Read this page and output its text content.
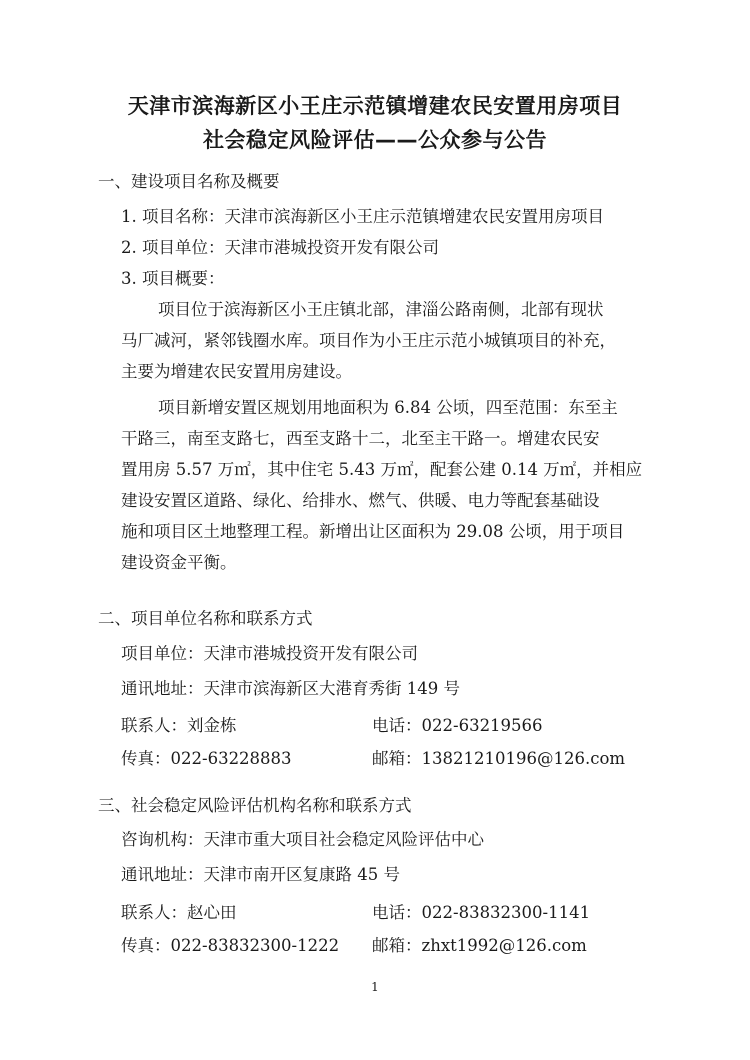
天津市滨海新区小王庄示范镇增建农民安置用房项目
社会稳定风险评估——公众参与公告
一、建设项目名称及概要
1. 项目名称：天津市滨海新区小王庄示范镇增建农民安置用房项目
2. 项目单位：天津市港城投资开发有限公司
3. 项目概要：
项目位于滨海新区小王庄镇北部，津淄公路南侧，北部有现状
马厂减河，紧邻钱圈水库。项目作为小王庄示范小城镇项目的补充，
主要为增建农民安置用房建设。
项目新增安置区规划用地面积为 6.84 公顷，四至范围：东至主
干路三，南至支路七，西至支路十二，北至主干路一。增建农民安
置用房 5.57 万㎡，其中住宅 5.43 万㎡，配套公建 0.14 万㎡，并相应
建设安置区道路、绿化、给排水、燃气、供暖、电力等配套基础设
施和项目区土地整理工程。新增出让区面积为 29.08 公顷，用于项目
建设资金平衡。
二、项目单位名称和联系方式
项目单位：天津市港城投资开发有限公司
通讯地址：天津市滨海新区大港育秀街 149 号
联系人：刘金栋	电话：022-63219566
传真：022-63228883	邮箱：13821210196@126.com
三、社会稳定风险评估机构名称和联系方式
咨询机构：天津市重大项目社会稳定风险评估中心
通讯地址：天津市南开区复康路 45 号
联系人：赵心田	电话：022-83832300-1141
传真：022-83832300-1222 邮箱：zhxt1992@126.com
1
